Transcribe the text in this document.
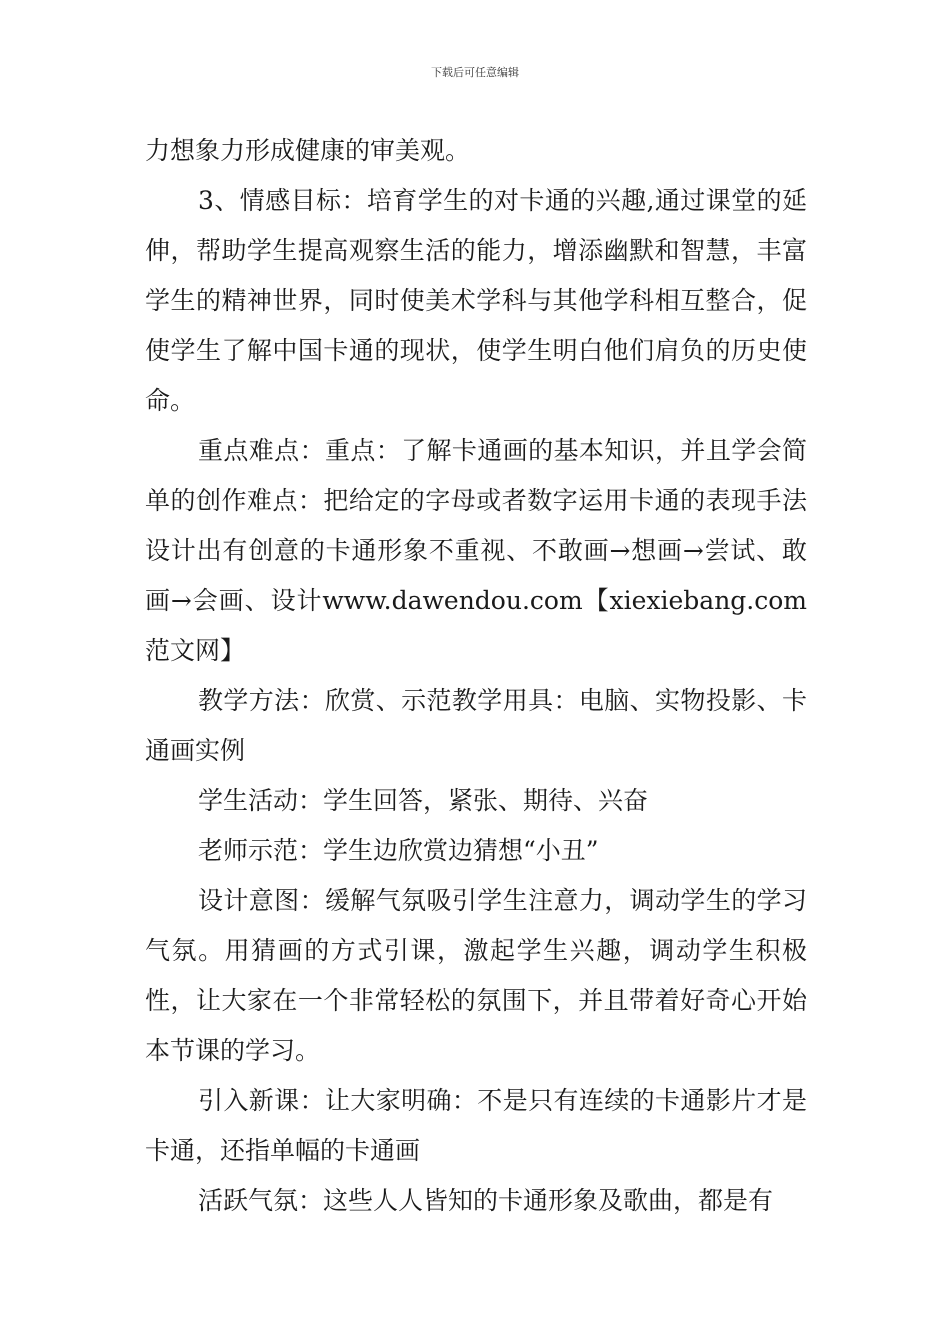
下载后可任意编辑

力想象力形成健康的审美观。

3、情感目标：培育学生的对卡通的兴趣,通过课堂的延伸，帮助学生提高观察生活的能力，增添幽默和智慧，丰富学生的精神世界，同时使美术学科与其他学科相互整合，促使学生了解中国卡通的现状，使学生明白他们肩负的历史使命。

重点难点：重点：了解卡通画的基本知识，并且学会简单的创作难点：把给定的字母或者数字运用卡通的表现手法设计出有创意的卡通形象不重视、不敢画→想画→尝试、敢画→会画、设计www.dawendou.com【xiexiebang.com范文网】

教学方法：欣赏、示范教学用具：电脑、实物投影、卡通画实例

学生活动：学生回答，紧张、期待、兴奋

老师示范：学生边欣赏边猜想“小丑”

设计意图：缓解气氛吸引学生注意力，调动学生的学习气氛。用猜画的方式引课，激起学生兴趣，调动学生积极性，让大家在一个非常轻松的氛围下，并且带着好奇心开始本节课的学习。

引入新课：让大家明确：不是只有连续的卡通影片才是卡通，还指单幅的卡通画

活跃气氛：这些人人皆知的卡通形象及歌曲，都是有
